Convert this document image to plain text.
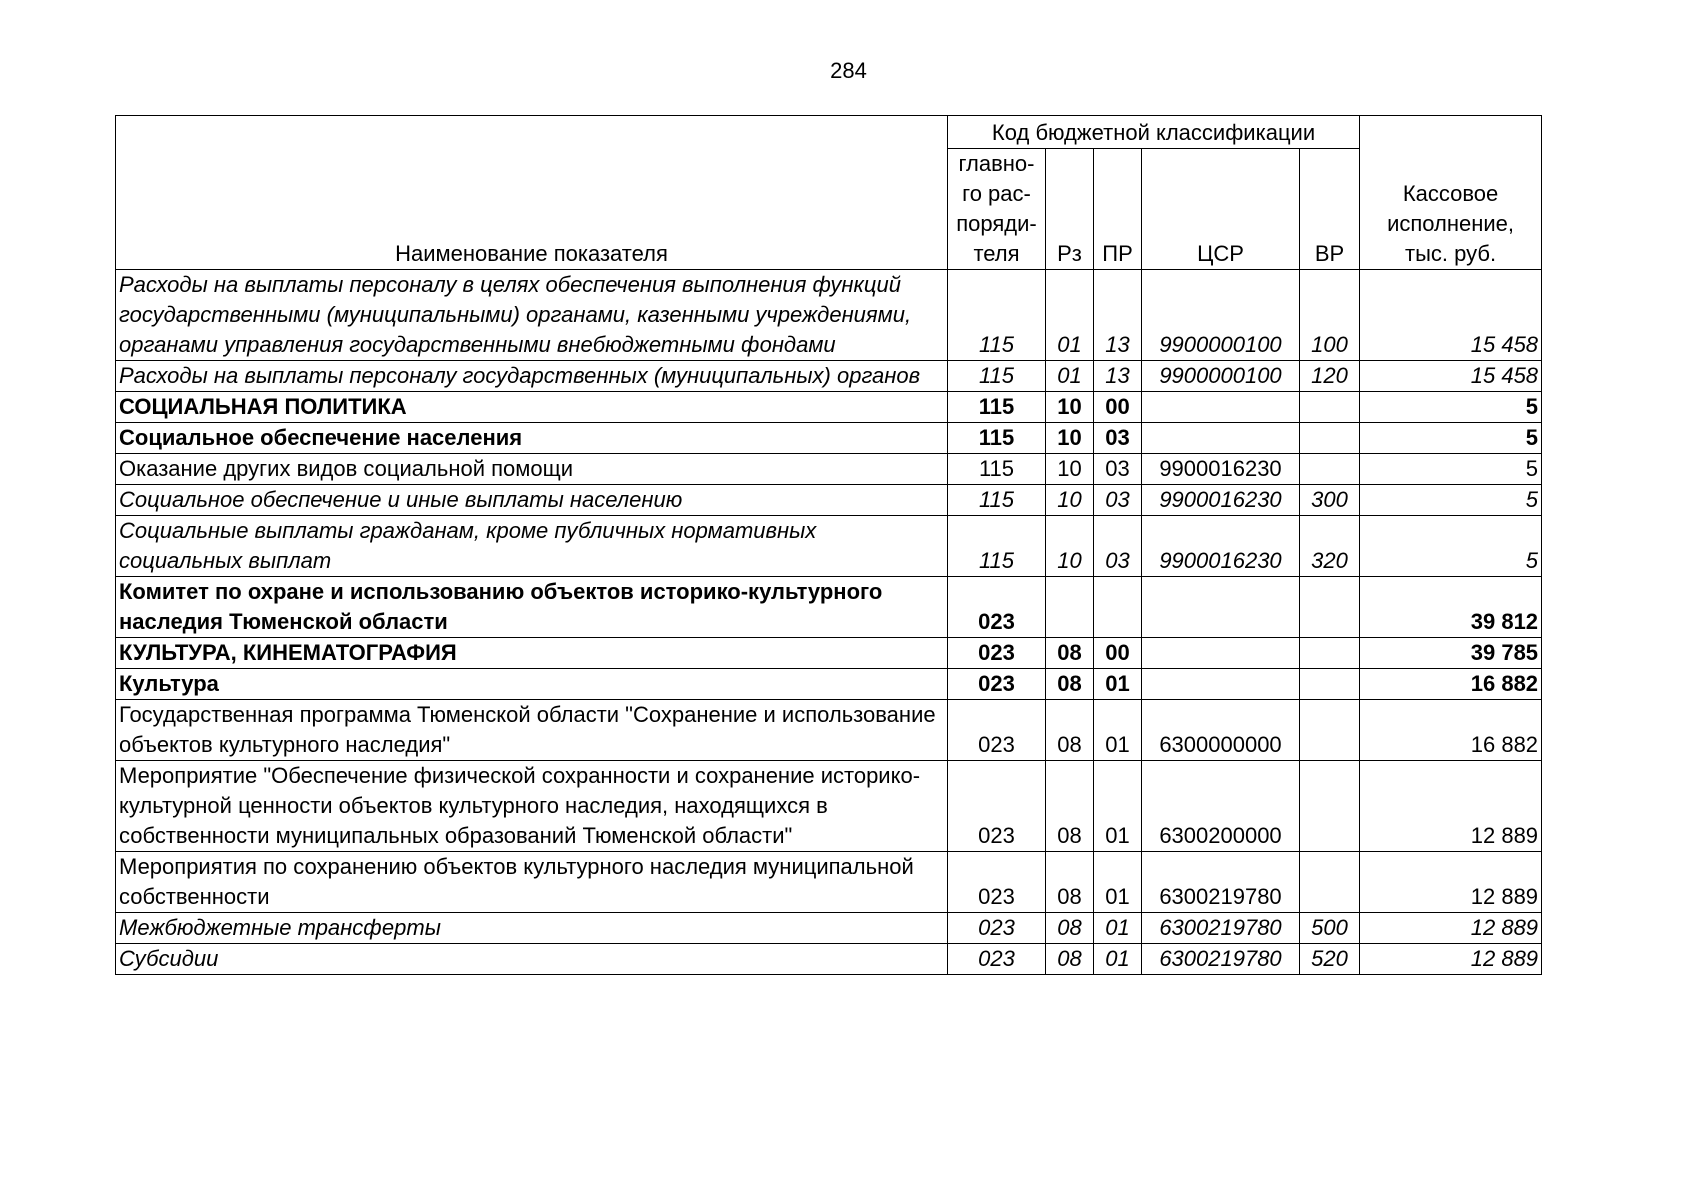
284
Наименование показателя	Код бюджетной классификации					Кассовое исполнение, тыс. руб.
	главно-го рас-поряди-теля	Рз	ПР	ЦСР	ВР	
Расходы на выплаты персоналу в целях обеспечения выполнения функций государственными (муниципальными) органами, казенными учреждениями, органами управления государственными внебюджетными фондами	115	01	13	9900000100	100	15 458
Расходы на выплаты персоналу государственных (муниципальных) органов	115	01	13	9900000100	120	15 458
СОЦИАЛЬНАЯ ПОЛИТИКА	115	10	00			5
Социальное обеспечение населения	115	10	03			5
Оказание других видов социальной помощи	115	10	03	9900016230		5
Социальное обеспечение и иные выплаты населению	115	10	03	9900016230	300	5
Социальные выплаты гражданам, кроме публичных нормативных социальных выплат	115	10	03	9900016230	320	5
Комитет по охране и использованию объектов историко-культурного наследия Тюменской области	023					39 812
КУЛЬТУРА, КИНЕМАТОГРАФИЯ	023	08	00			39 785
Культура	023	08	01			16 882
Государственная программа Тюменской области "Сохранение и использование объектов культурного наследия"	023	08	01	6300000000		16 882
Мероприятие "Обеспечение физической сохранности и сохранение историко-культурной ценности объектов культурного наследия, находящихся в собственности муниципальных образований Тюменской области"	023	08	01	6300200000		12 889
Мероприятия по сохранению объектов культурного наследия муниципальной собственности	023	08	01	6300219780		12 889
Межбюджетные трансферты	023	08	01	6300219780	500	12 889
Субсидии	023	08	01	6300219780	520	12 889
